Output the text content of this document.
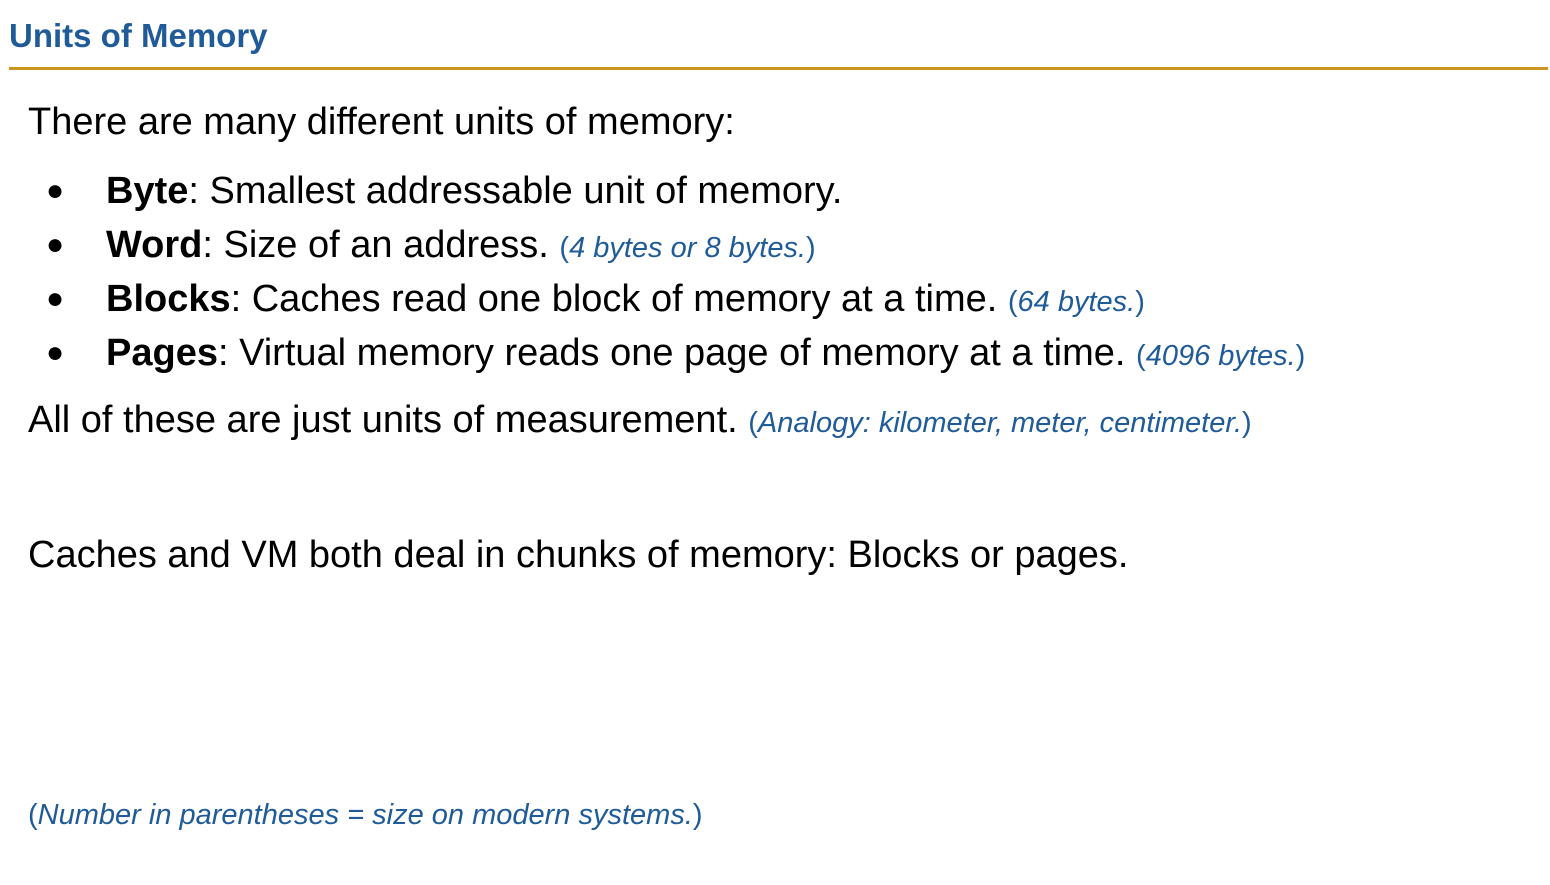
Units of Memory
There are many different units of memory:
● Byte: Smallest addressable unit of memory.
● Word: Size of an address. (4 bytes or 8 bytes.)
● Blocks: Caches read one block of memory at a time. (64 bytes.)
● Pages: Virtual memory reads one page of memory at a time. (4096 bytes.)
All of these are just units of measurement. (Analogy: kilometer, meter, centimeter.)
Caches and VM both deal in chunks of memory: Blocks or pages.
(Number in parentheses = size on modern systems.)
